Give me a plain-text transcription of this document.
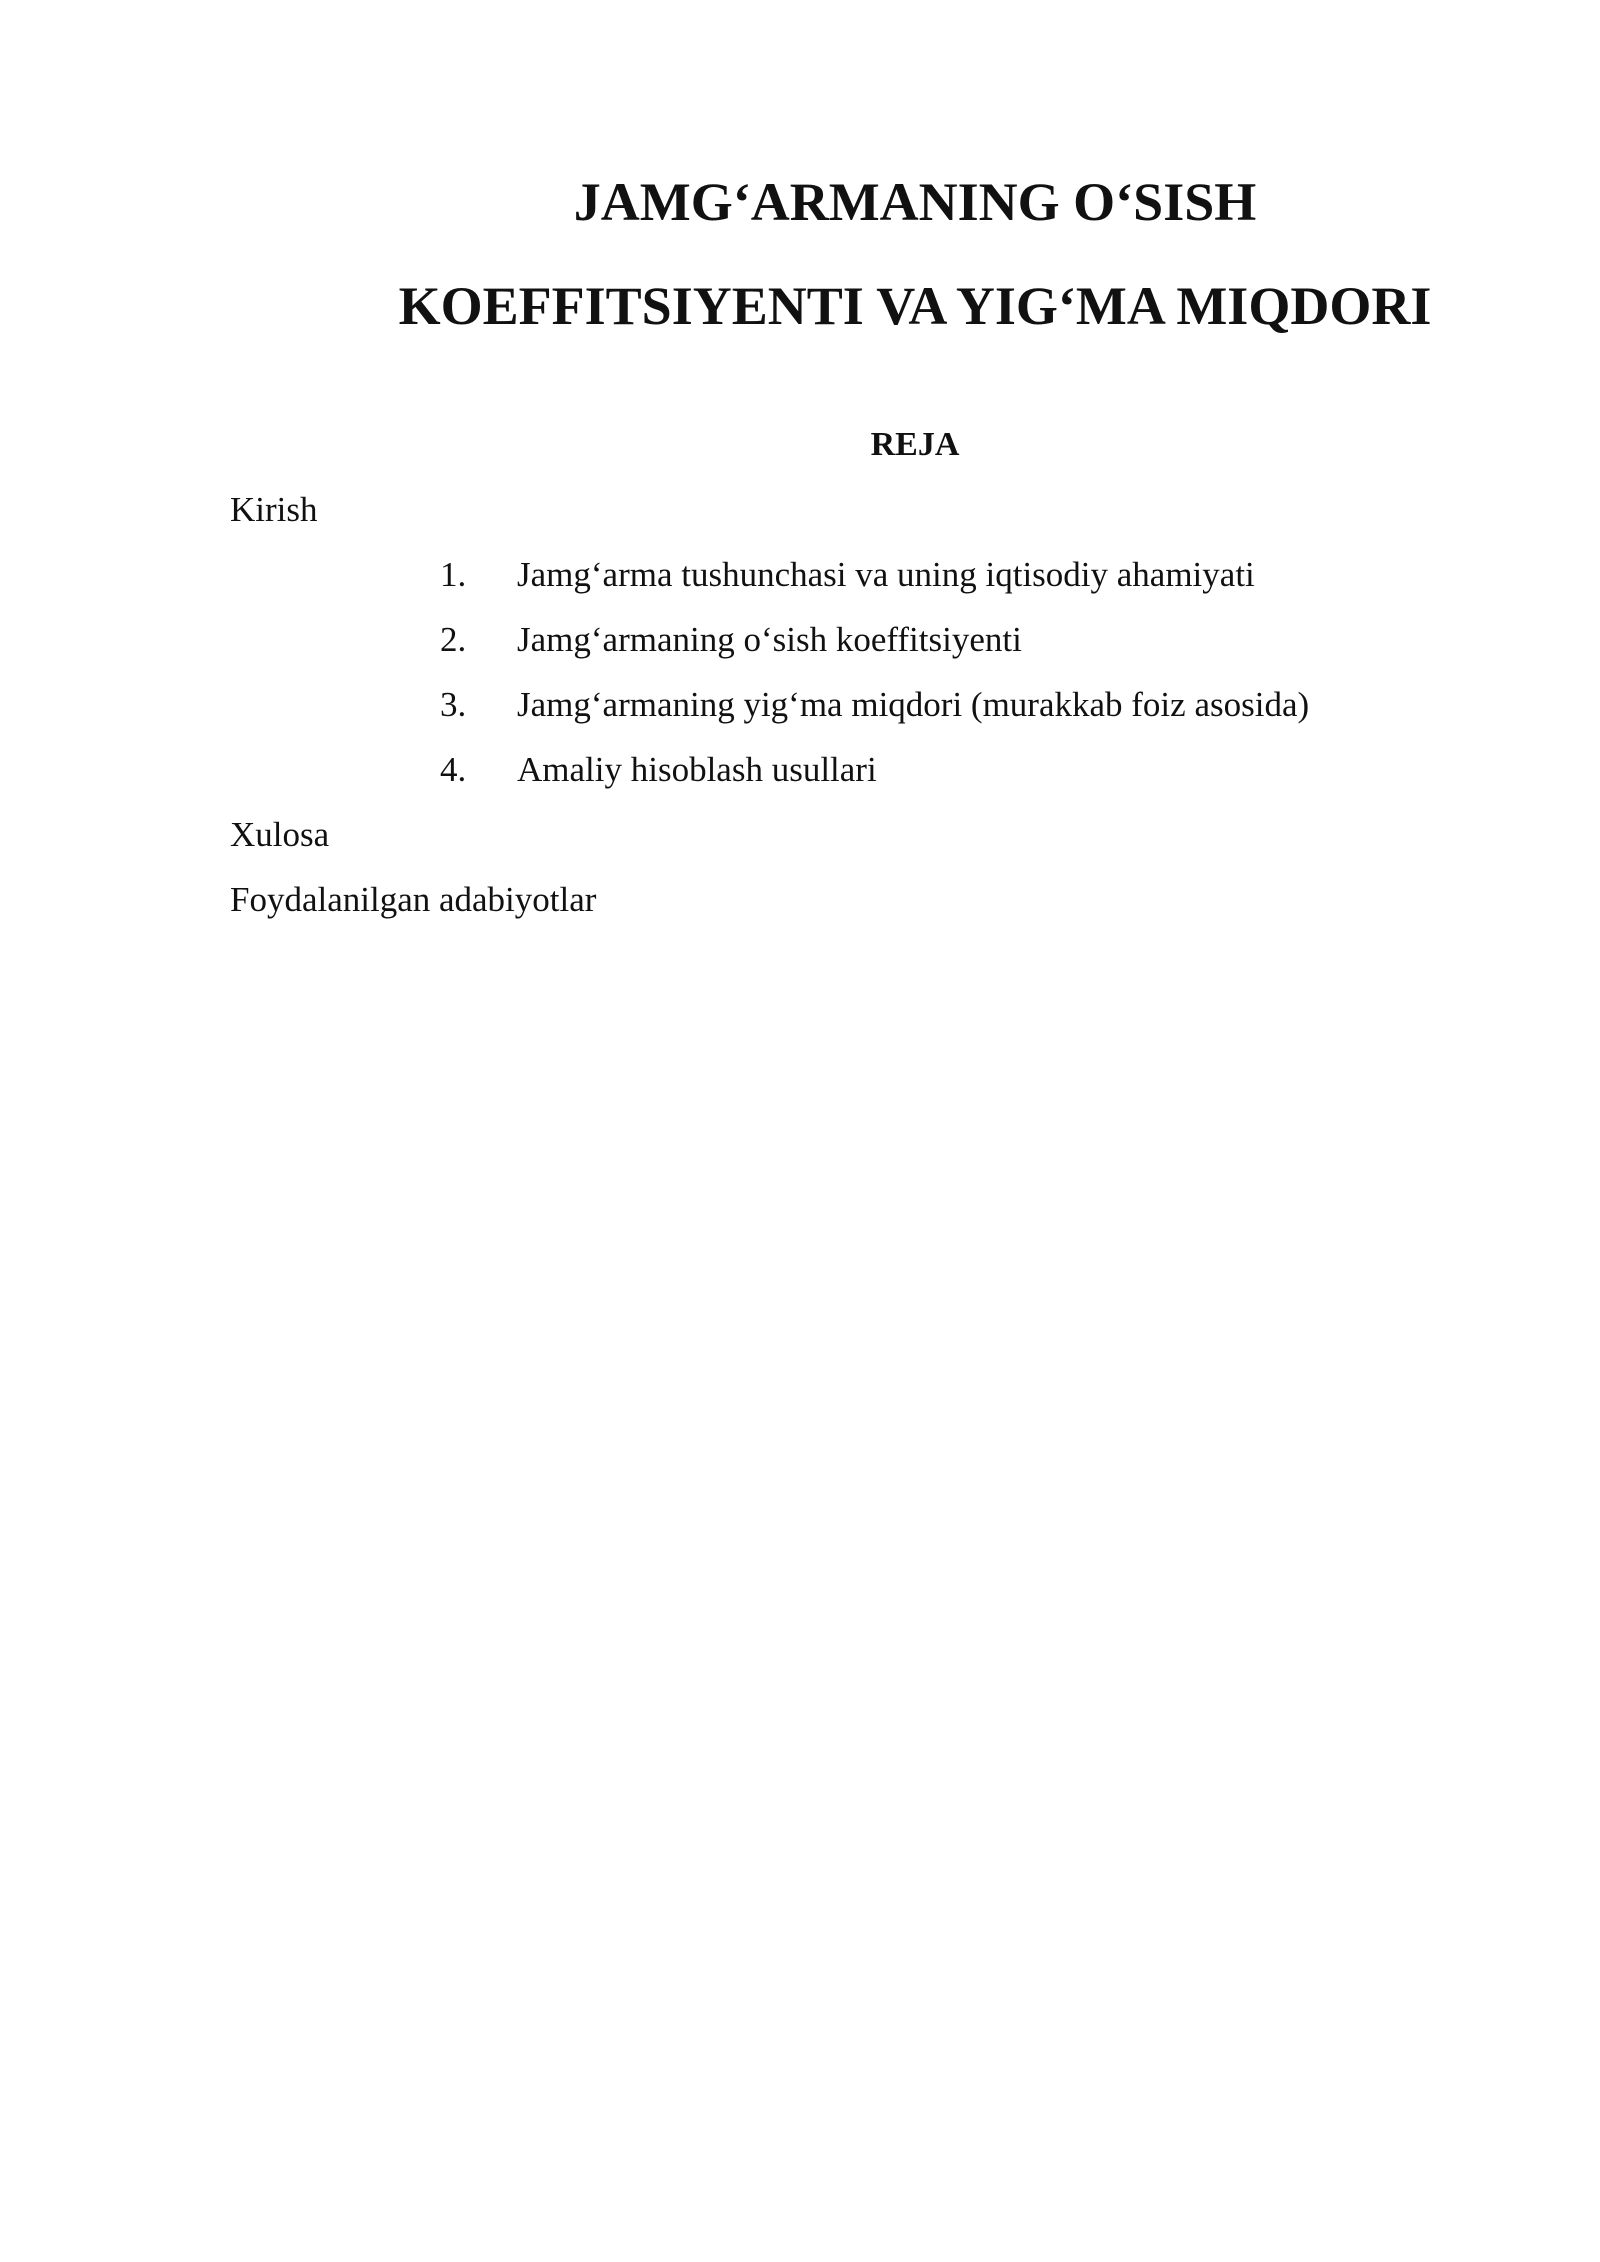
JAMG‘ARMANING O‘SISH
KOEFFITSIYENTI VA YIG‘MA MIQDORI

REJA

Kirish

1. Jamg‘arma tushunchasi va uning iqtisodiy ahamiyati
2. Jamg‘armaning o‘sish koeffitsiyenti
3. Jamg‘armaning yig‘ma miqdori (murakkab foiz asosida)
4. Amaliy hisoblash usullari

Xulosa

Foydalanilgan adabiyotlar
